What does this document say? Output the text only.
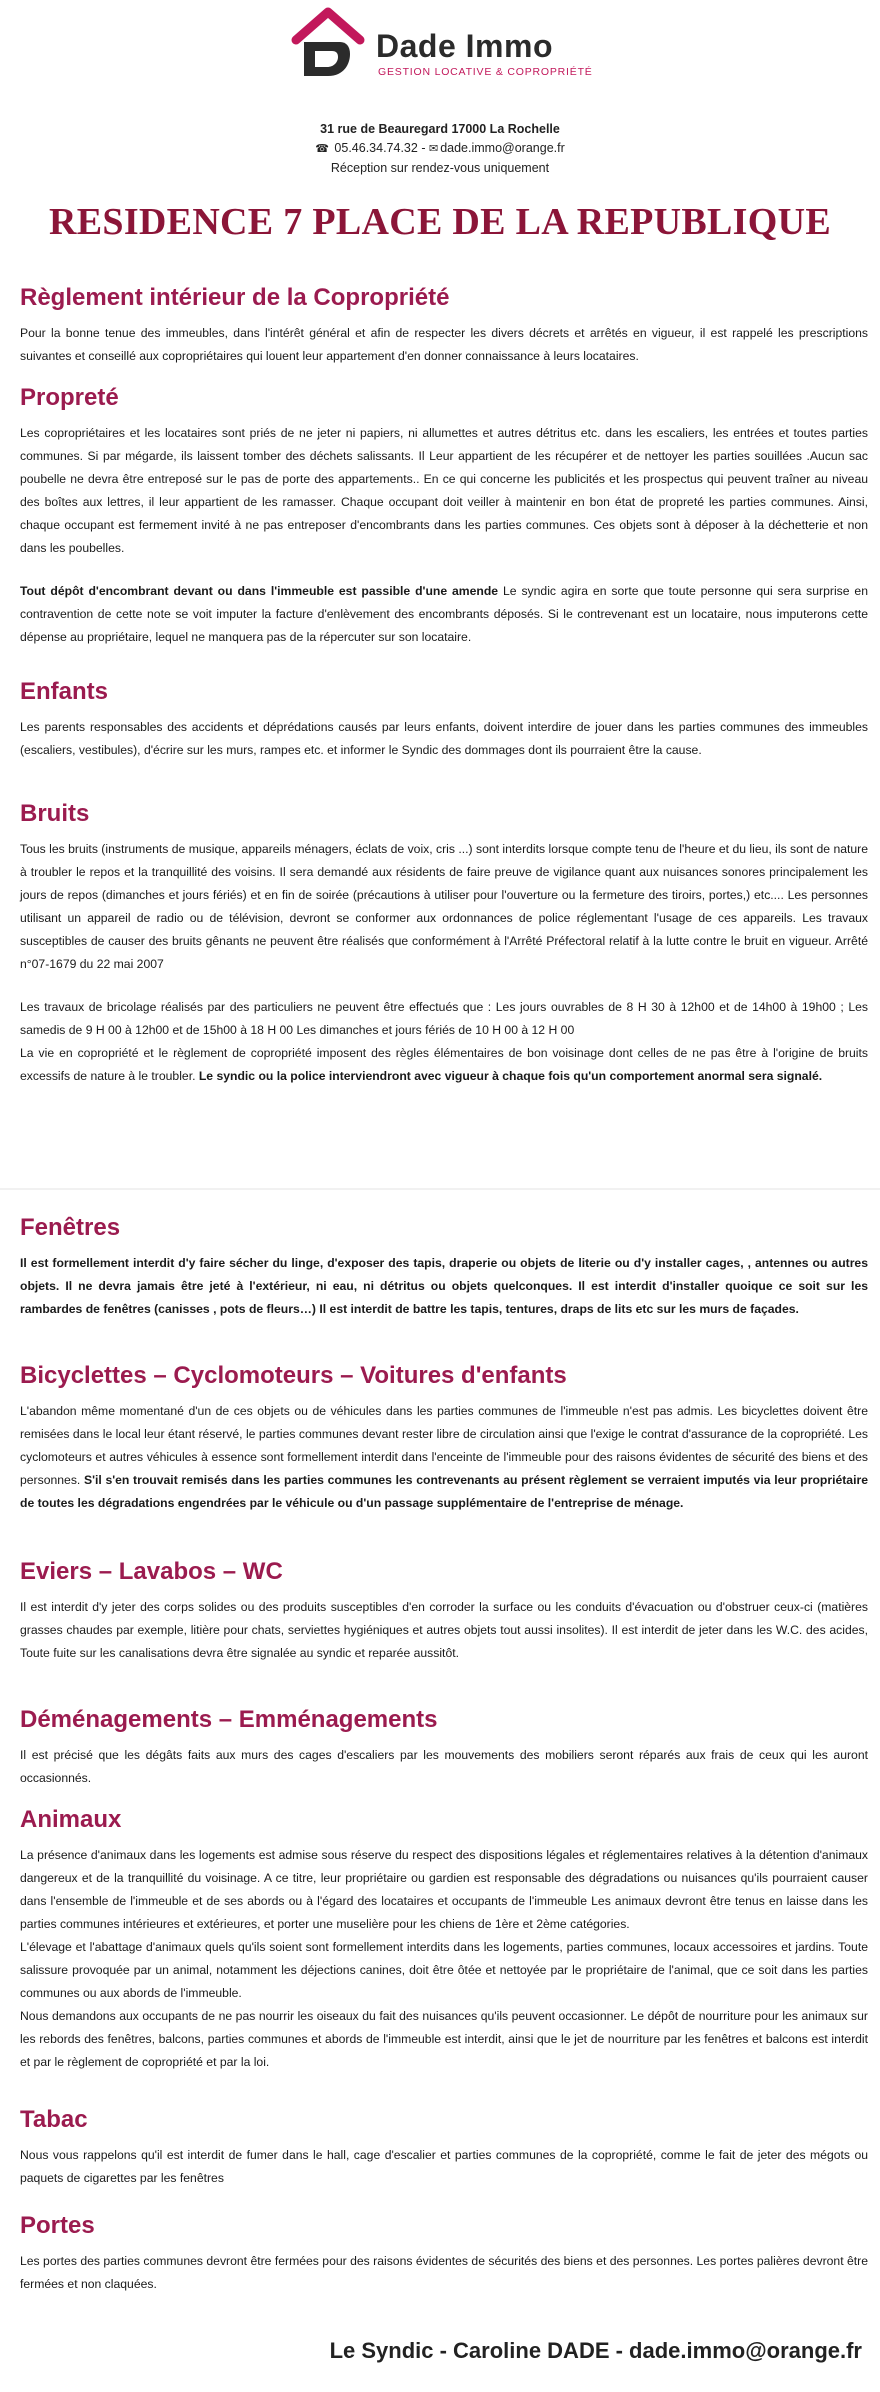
Dade Immo
GESTION LOCATIVE & COPROPRIÉTÉ
31 rue de Beauregard 17000 La Rochelle
☎ 05.46.34.74.32 - ✉ dade.immo@orange.fr
Réception sur rendez-vous uniquement
RESIDENCE 7 PLACE DE LA REPUBLIQUE
Règlement intérieur de la Copropriété

Pour la bonne tenue des immeubles, dans l'intérêt général et afin de respecter les divers décrets et arrêtés en vigueur, il est rappelé les prescriptions suivantes et conseillé aux copropriétaires qui louent leur appartement d'en donner connaissance à leurs locataires.

Propreté

Les copropriétaires et les locataires sont priés de ne jeter ni papiers, ni allumettes et autres détritus etc. dans les escaliers, les entrées et toutes parties communes. Si par mégarde, ils laissent tomber des déchets salissants. Il Leur appartient de les récupérer et de nettoyer les parties souillées .Aucun sac poubelle ne devra être entreposé sur le pas de porte des appartements.. En ce qui concerne les publicités et les prospectus qui peuvent traîner au niveau des boîtes aux lettres, il leur appartient de les ramasser. Chaque occupant doit veiller à maintenir en bon état de propreté les parties communes. Ainsi, chaque occupant est fermement invité à ne pas entreposer d'encombrants dans les parties communes. Ces objets sont à déposer à la déchetterie et non dans les poubelles.

Tout dépôt d'encombrant devant ou dans l'immeuble est passible d'une amende Le syndic agira en sorte que toute personne qui sera surprise en contravention de cette note se voit imputer la facture d'enlèvement des encombrants déposés. Si le contrevenant est un locataire, nous imputerons cette dépense au propriétaire, lequel ne manquera pas de la répercuter sur son locataire.

Enfants

Les parents responsables des accidents et déprédations causés par leurs enfants, doivent interdire de jouer dans les parties communes des immeubles (escaliers, vestibules), d'écrire sur les murs, rampes etc. et informer le Syndic des dommages dont ils pourraient être la cause.

Bruits

Tous les bruits (instruments de musique, appareils ménagers, éclats de voix, cris ...) sont interdits lorsque compte tenu de l'heure et du lieu, ils sont de nature à troubler le repos et la tranquillité des voisins. Il sera demandé aux résidents de faire preuve de vigilance quant aux nuisances sonores principalement les jours de repos (dimanches et jours fériés) et en fin de soirée (précautions à utiliser pour l'ouverture ou la fermeture des tiroirs, portes,) etc.... Les personnes utilisant un appareil de radio ou de télévision, devront se conformer aux ordonnances de police réglementant l'usage de ces appareils. Les travaux susceptibles de causer des bruits gênants ne peuvent être réalisés que conformément à l'Arrêté Préfectoral relatif à la lutte contre le bruit en vigueur. Arrêté n°07-1679 du 22 mai 2007

Les travaux de bricolage réalisés par des particuliers ne peuvent être effectués que : Les jours ouvrables de 8 H 30 à 12h00 et de 14h00 à 19h00 ; Les samedis de 9 H 00 à 12h00 et de 15h00 à 18 H 00 Les dimanches et jours fériés de 10 H 00 à 12 H 00

La vie en copropriété et le règlement de copropriété imposent des règles élémentaires de bon voisinage dont celles de ne pas être à l'origine de bruits excessifs de nature à le troubler. Le syndic ou la police interviendront avec vigueur à chaque fois qu'un comportement anormal sera signalé.

Fenêtres

Il est formellement interdit d'y faire sécher du linge, d'exposer des tapis, draperie ou objets de literie ou d'y installer cages, , antennes ou autres objets. Il ne devra jamais être jeté à l'extérieur, ni eau, ni détritus ou objets quelconques. Il est interdit d'installer quoique ce soit sur les rambardes de fenêtres (canisses , pots de fleurs…) Il est interdit de battre les tapis, tentures, draps de lits etc sur les murs de façades.

Bicyclettes – Cyclomoteurs – Voitures d'enfants

L'abandon même momentané d'un de ces objets ou de véhicules dans les parties communes de l'immeuble n'est pas admis. Les bicyclettes doivent être remisées dans le local leur étant réservé, le parties communes devant rester libre de circulation ainsi que l'exige le contrat d'assurance de la copropriété. Les cyclomoteurs et autres véhicules à essence sont formellement interdit dans l'enceinte de l'immeuble pour des raisons évidentes de sécurité des biens et des personnes. S'il s'en trouvait remisés dans les parties communes les contrevenants au présent règlement se verraient imputés via leur propriétaire de toutes les dégradations engendrées par le véhicule ou d'un passage supplémentaire de l'entreprise de ménage.

Eviers – Lavabos – WC

Il est interdit d'y jeter des corps solides ou des produits susceptibles d'en corroder la surface ou les conduits d'évacuation ou d'obstruer ceux-ci (matières grasses chaudes par exemple, litière pour chats, serviettes hygiéniques et autres objets tout aussi insolites). Il est interdit de jeter dans les W.C. des acides, Toute fuite sur les canalisations devra être signalée au syndic et reparée aussitôt.

Déménagements – Emménagements

Il est précisé que les dégâts faits aux murs des cages d'escaliers par les mouvements des mobiliers seront réparés aux frais de ceux qui les auront occasionnés.

Animaux

La présence d'animaux dans les logements est admise sous réserve du respect des dispositions légales et réglementaires relatives à la détention d'animaux dangereux et de la tranquillité du voisinage. A ce titre, leur propriétaire ou gardien est responsable des dégradations ou nuisances qu'ils pourraient causer dans l'ensemble de l'immeuble et de ses abords ou à l'égard des locataires et occupants de l'immeuble Les animaux devront être tenus en laisse dans les parties communes intérieures et extérieures, et porter une muselière pour les chiens de 1ère et 2ème catégories.

L'élevage et l'abattage d'animaux quels qu'ils soient sont formellement interdits dans les logements, parties communes, locaux accessoires et jardins. Toute salissure provoquée par un animal, notamment les déjections canines, doit être ôtée et nettoyée par le propriétaire de l'animal, que ce soit dans les parties communes ou aux abords de l'immeuble.

Nous demandons aux occupants de ne pas nourrir les oiseaux du fait des nuisances qu'ils peuvent occasionner. Le dépôt de nourriture pour les animaux sur les rebords des fenêtres, balcons, parties communes et abords de l'immeuble est interdit, ainsi que le jet de nourriture par les fenêtres et balcons est interdit et par le règlement de copropriété et par la loi.

Tabac

Nous vous rappelons qu'il est interdit de fumer dans le hall, cage d'escalier et parties communes de la copropriété, comme le fait de jeter des mégots ou paquets de cigarettes par les fenêtres

Portes

Les portes des parties communes devront être fermées pour des raisons évidentes de sécurités des biens et des personnes. Les portes palières devront être fermées et non claquées.

Le Syndic - Caroline DADE - dade.immo@orange.fr
